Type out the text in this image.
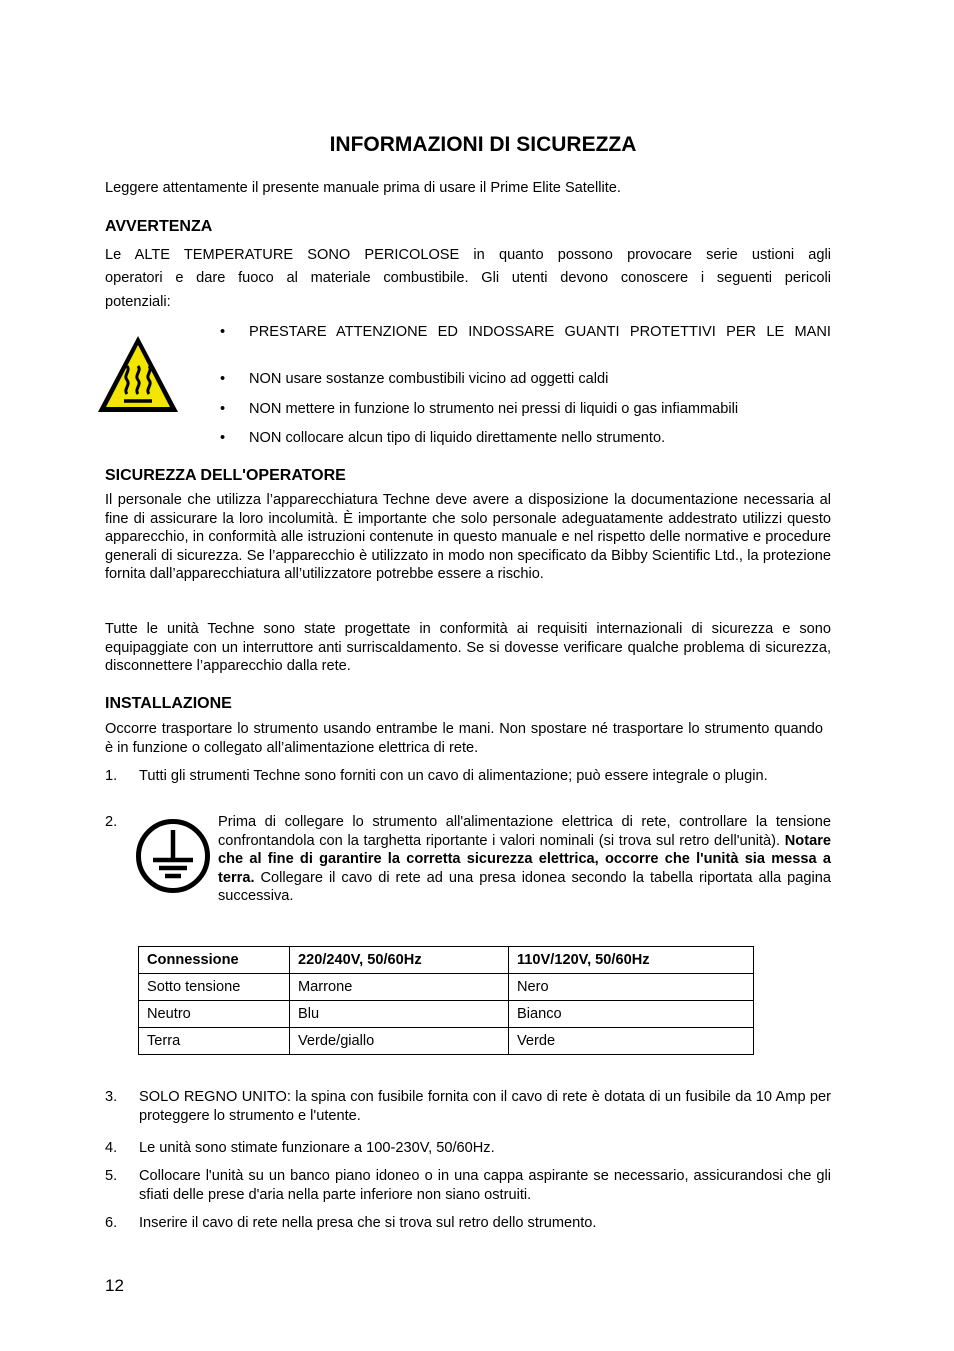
INFORMAZIONI DI SICUREZZA

Leggere attentamente il presente manuale prima di usare il Prime Elite Satellite.

AVVERTENZA

Le ALTE TEMPERATURE SONO PERICOLOSE in quanto possono provocare serie ustioni agli

operatori e dare fuoco al materiale combustibile. Gli utenti devono conoscere i seguenti pericoli

potenziali:

• PRESTARE ATTENZIONE ED INDOSSARE GUANTI PROTETTIVI PER LE MANI
• NON usare sostanze combustibili vicino ad oggetti caldi
• NON mettere in funzione lo strumento nei pressi di liquidi o gas infiammabili
• NON collocare alcun tipo di liquido direttamente nello strumento.
SICUREZZA DELL'OPERATORE

Il personale che utilizza l’apparecchiatura Techne deve avere a disposizione la documentazione necessaria al fine di assicurare la loro incolumità. È importante che solo personale adeguatamente addestrato utilizzi questo apparecchio, in conformità alle istruzioni contenute in questo manuale e nel rispetto delle normative e procedure generali di sicurezza. Se l’apparecchio è utilizzato in modo non specificato da Bibby Scientific Ltd., la protezione fornita dall’apparecchiatura all’utilizzatore potrebbe essere a rischio.

Tutte le unità Techne sono state progettate in conformità ai requisiti internazionali di sicurezza e sono equipaggiate con un interruttore anti surriscaldamento. Se si dovesse verificare qualche problema di sicurezza, disconnettere l’apparecchio dalla rete.

INSTALLAZIONE

Occorre trasportare lo strumento usando entrambe le mani. Non spostare né trasportare lo strumento quando è in funzione o collegato all’alimentazione elettrica di rete.

1. Tutti gli strumenti Techne sono forniti con un cavo di alimentazione; può essere integrale o plugin.
2.	Prima di collegare lo strumento all'alimentazione elettrica di rete, controllare la tensione confrontandola con la targhetta riportante i valori nominali (si trova sul retro dell'unità). Notare che al fine di garantire la corretta sicurezza elettrica, occorre che l'unità sia messa a terra. Collegare il cavo di rete ad una presa idonea secondo la tabella riportata alla pagina successiva.
Connessione	220/240V, 50/60Hz	110V/120V, 50/60Hz
Sotto tensione	Marrone	Nero
Neutro	Blu	Bianco
Terra	Verde/giallo	Verde
3. SOLO REGNO UNITO: la spina con fusibile fornita con il cavo di rete è dotata di un fusibile da 10 Amp per proteggere lo strumento e l'utente.
4. Le unità sono stimate funzionare a 100-230V, 50/60Hz.
5. Collocare l'unità su un banco piano idoneo o in una cappa aspirante se necessario, assicurandosi che gli sfiati delle prese d'aria nella parte inferiore non siano ostruiti.
6. Inserire il cavo di rete nella presa che si trova sul retro dello strumento.
12
